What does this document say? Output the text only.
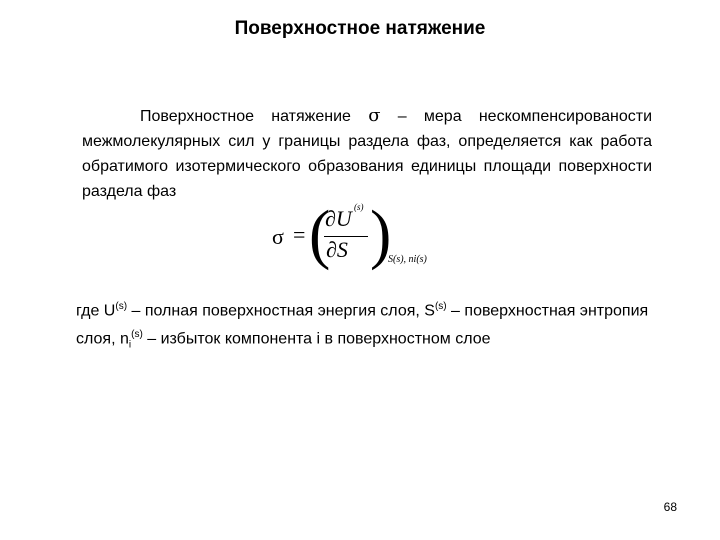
Поверхностное натяжение
Поверхностное натяжение σ – мера нескомпенсированости межмолекулярных сил у границы раздела фаз, определяется как работа обратимого изотермического образования единицы площади поверхности раздела фаз
σ = (
∂U (s)
∂S )
S(s), ni(s)
где $U^{(s)}$ – полная поверхностная энергия слоя, $S^{(s)}$ – поверхностная энтропия слоя, $n_i^{(s)}$ – избыток компонента i в поверхностном слое
68
